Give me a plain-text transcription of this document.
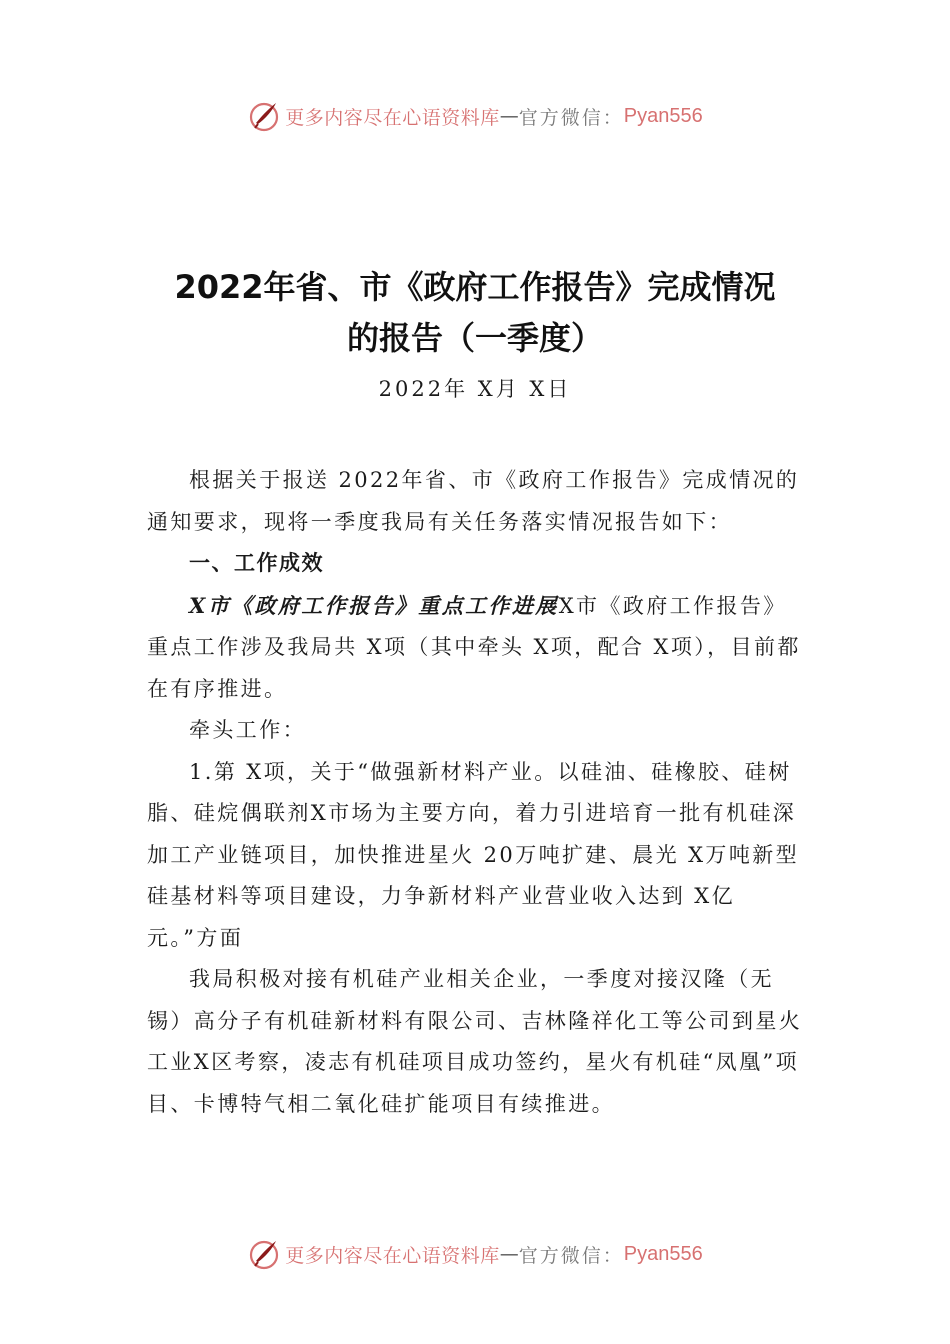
更多内容尽在心语资料库 — 官方微信： Pyan556
2022年省、市《政府工作报告》完成情况
的报告（一季度）
2022年 X月 X日

根据关于报送 2022年省、市《政府工作报告》完成情况的通知要求，现将一季度我局有关任务落实情况报告如下：

一、工作成效

X市《政府工作报告》重点工作进展X市《政府工作报告》重点工作涉及我局共 X项（其中牵头 X项，配合 X项），目前都在有序推进。

牵头工作：

1.第 X项，关于“做强新材料产业。以硅油、硅橡胶、硅树脂、硅烷偶联剂X市场为主要方向，着力引进培育一批有机硅深加工产业链项目，加快推进星火 20万吨扩建、晨光 X万吨新型硅基材料等项目建设，力争新材料产业营业收入达到 X亿元。”方面

我局积极对接有机硅产业相关企业，一季度对接汉隆（无锡）高分子有机硅新材料有限公司、吉林隆祥化工等公司到星火工业X区考察，凌志有机硅项目成功签约，星火有机硅“凤凰”项目、卡博特气相二氧化硅扩能项目有续推进。

更多内容尽在心语资料库 — 官方微信： Pyan556
